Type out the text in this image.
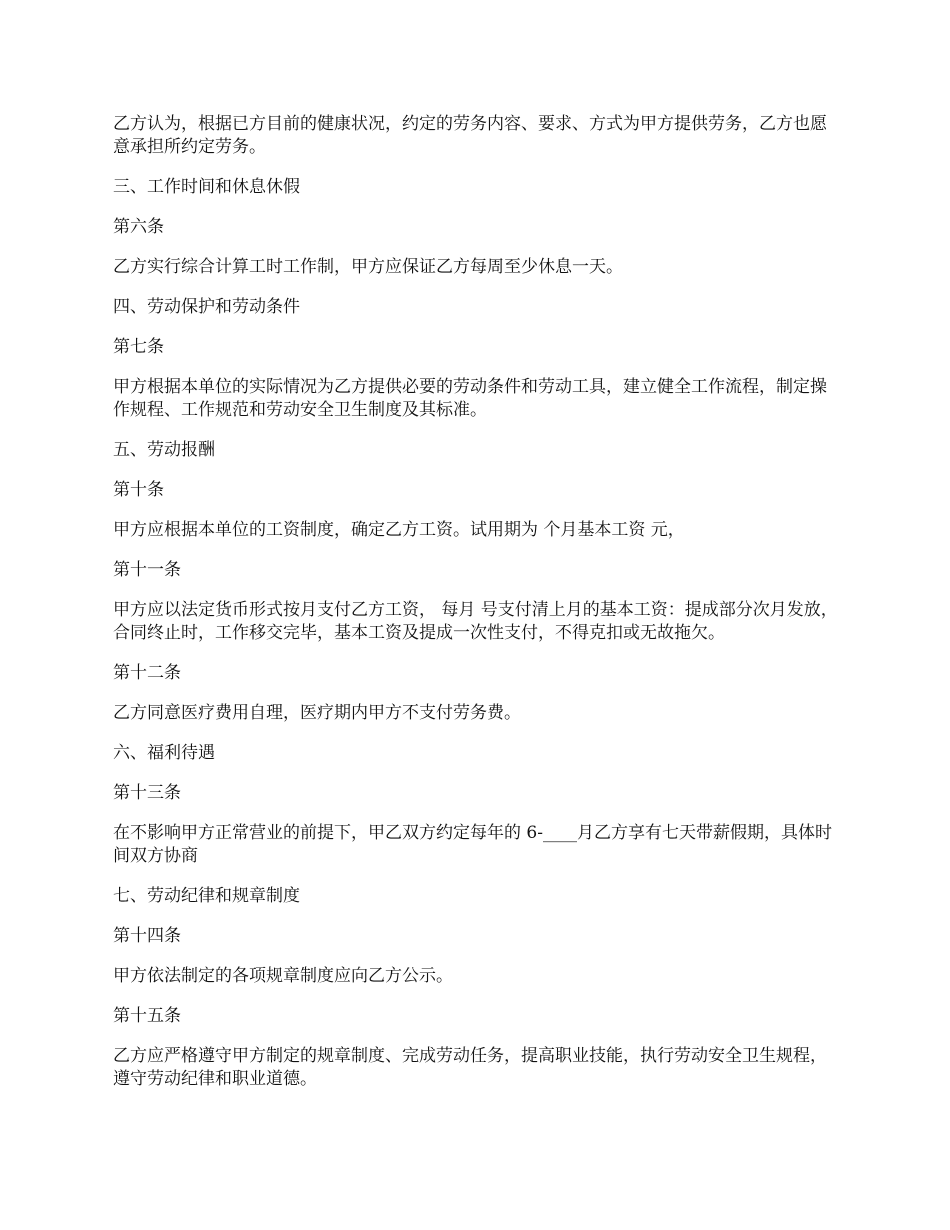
乙方认为，根据已方目前的健康状况，约定的劳务内容、要求、方式为甲方提供劳务，乙方也愿意承担所约定劳务。

三、工作时间和休息休假

第六条

乙方实行综合计算工时工作制，甲方应保证乙方每周至少休息一天。

四、劳动保护和劳动条件

第七条

甲方根据本单位的实际情况为乙方提供必要的劳动条件和劳动工具，建立健全工作流程，制定操作规程、工作规范和劳动安全卫生制度及其标准。

五、劳动报酬

第十条

甲方应根据本单位的工资制度，确定乙方工资。试用期为 个月基本工资 元，

第十一条

甲方应以法定货币形式按月支付乙方工资， 每月 号支付清上月的基本工资：提成部分次月发放，合同终止时，工作移交完毕，基本工资及提成一次性支付，不得克扣或无故拖欠。

第十二条

乙方同意医疗费用自理，医疗期内甲方不支付劳务费。

六、福利待遇

第十三条

在不影响甲方正常营业的前提下，甲乙双方约定每年的 6-____月乙方享有七天带薪假期，具体时间双方协商

七、劳动纪律和规章制度

第十四条

甲方依法制定的各项规章制度应向乙方公示。

第十五条

乙方应严格遵守甲方制定的规章制度、完成劳动任务，提高职业技能，执行劳动安全卫生规程，遵守劳动纪律和职业道德。
